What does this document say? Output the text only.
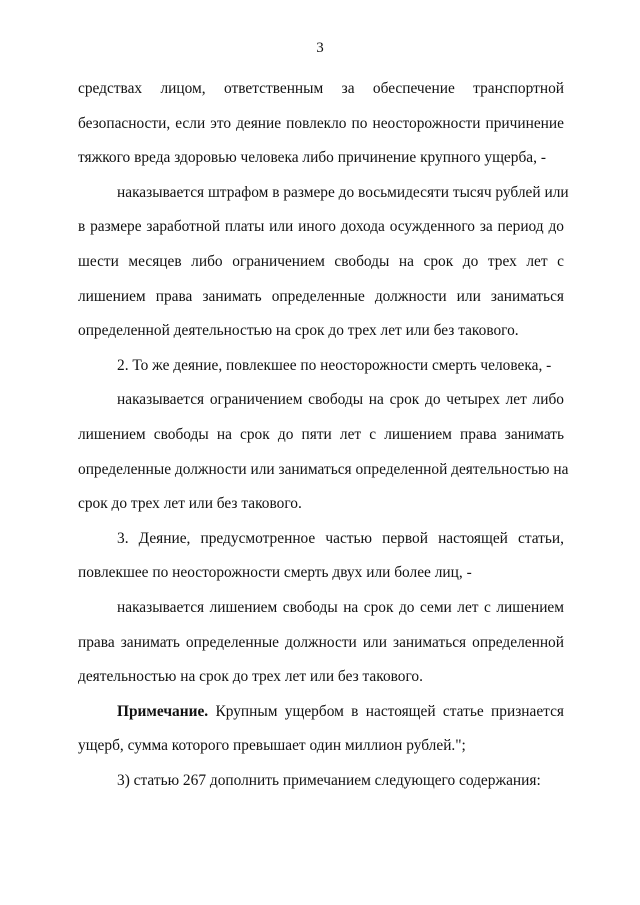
3
средствах лицом, ответственным за обеспечение транспортной
безопасности, если это деяние повлекло по неосторожности причинение
тяжкого вреда здоровью человека либо причинение крупного ущерба, -
наказывается штрафом в размере до восьмидесяти тысяч рублей или
в размере заработной платы или иного дохода осужденного за период до
шести месяцев либо ограничением свободы на срок до трех лет с
лишением права занимать определенные должности или заниматься
определенной деятельностью на срок до трех лет или без такового.
2. То же деяние, повлекшее по неосторожности смерть человека, -
наказывается ограничением свободы на срок до четырех лет либо
лишением свободы на срок до пяти лет с лишением права занимать
определенные должности или заниматься определенной деятельностью на
срок до трех лет или без такового.
3. Деяние, предусмотренное частью первой настоящей статьи,
повлекшее по неосторожности смерть двух или более лиц, -
наказывается лишением свободы на срок до семи лет с лишением
права занимать определенные должности или заниматься определенной
деятельностью на срок до трех лет или без такового.
Примечание. Крупным ущербом в настоящей статье признается
ущерб, сумма которого превышает один миллион рублей.";
3) статью 267 дополнить примечанием следующего содержания:
